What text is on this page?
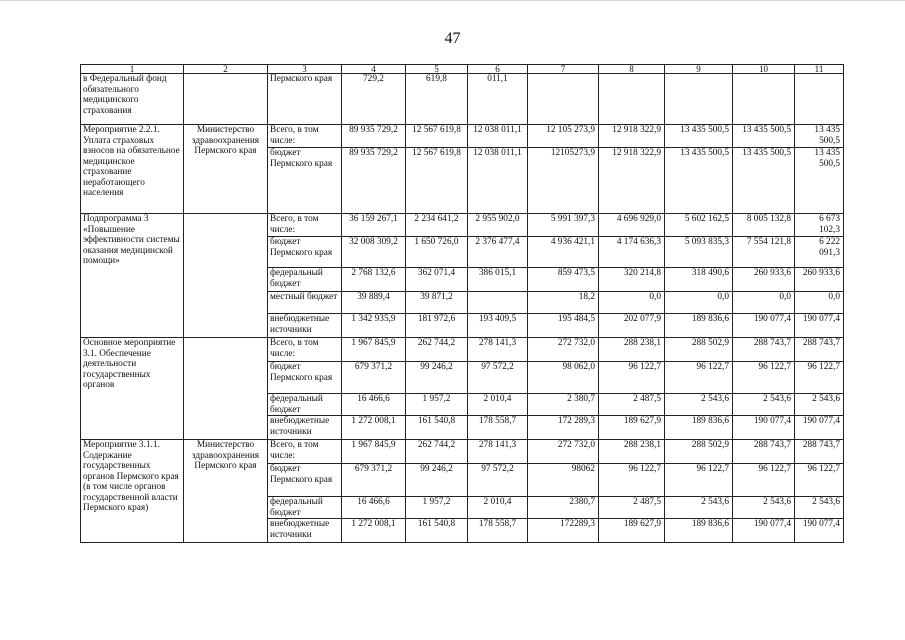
47
1	2	3	4	5	6	7	8	9	10	11
в Федеральный фонд обязательного медицинского страхования		Пермского края	729,2	619,8	011,1					
Мероприятие 2.2.1. Уплата страховых взносов на обязательное медицинское страхование неработающего населения	Министерство здравоохранения Пермского края	Всего, в том числе:	89 935 729,2	12 567 619,8	12 038 011,1	12 105 273,9	12 918 322,9	13 435 500,5	13 435 500,5	13 435 500,5
		бюджет Пермского края	89 935 729,2	12 567 619,8	12 038 011,1	12105273,9	12 918 322,9	13 435 500,5	13 435 500,5	13 435 500,5
Подпрограмма 3 «Повышение эффективности системы оказания медицинской помощи»		Всего, в том числе:	36 159 267,1	2 234 641,2	2 955 902,0	5 991 397,3	4 696 929,0	5 602 162,5	8 005 132,8	6 673 102,3
		бюджет Пермского края	32 008 309,2	1 650 726,0	2 376 477,4	4 936 421,1	4 174 636,3	5 093 835,3	7 554 121,8	6 222 091,3
		федеральный бюджет	2 768 132,6	362 071,4	386 015,1	859 473,5	320 214,8	318 490,6	260 933,6	260 933,6
		местный бюджет	39 889,4	39 871,2		18,2	0,0	0,0	0,0	0,0
		внебюджетные источники	1 342 935,9	181 972,6	193 409,5	195 484,5	202 077,9	189 836,6	190 077,4	190 077,4
Основное мероприятие 3.1. Обеспечение деятельности государственных органов		Всего, в том числе:	1 967 845,9	262 744,2	278 141,3	272 732,0	288 238,1	288 502,9	288 743,7	288 743,7
		бюджет Пермского края	679 371,2	99 246,2	97 572,2	98 062,0	96 122,7	96 122,7	96 122,7	96 122,7
		федеральный бюджет	16 466,6	1 957,2	2 010,4	2 380,7	2 487,5	2 543,6	2 543,6	2 543,6
		внебюджетные источники	1 272 008,1	161 540,8	178 558,7	172 289,3	189 627,9	189 836,6	190 077,4	190 077,4
Мероприятие 3.1.1. Содержание государственных органов Пермского края (в том числе органов государственной власти Пермского края)	Министерство здравоохранения Пермского края	Всего, в том числе:	1 967 845,9	262 744,2	278 141,3	272 732,0	288 238,1	288 502,9	288 743,7	288 743,7
		бюджет Пермского края	679 371,2	99 246,2	97 572,2	98062	96 122,7	96 122,7	96 122,7	96 122,7
		федеральный бюджет	16 466,6	1 957,2	2 010,4	2380,7	2 487,5	2 543,6	2 543,6	2 543,6
		внебюджетные источники	1 272 008,1	161 540,8	178 558,7	172289,3	189 627,9	189 836,6	190 077,4	190 077,4
